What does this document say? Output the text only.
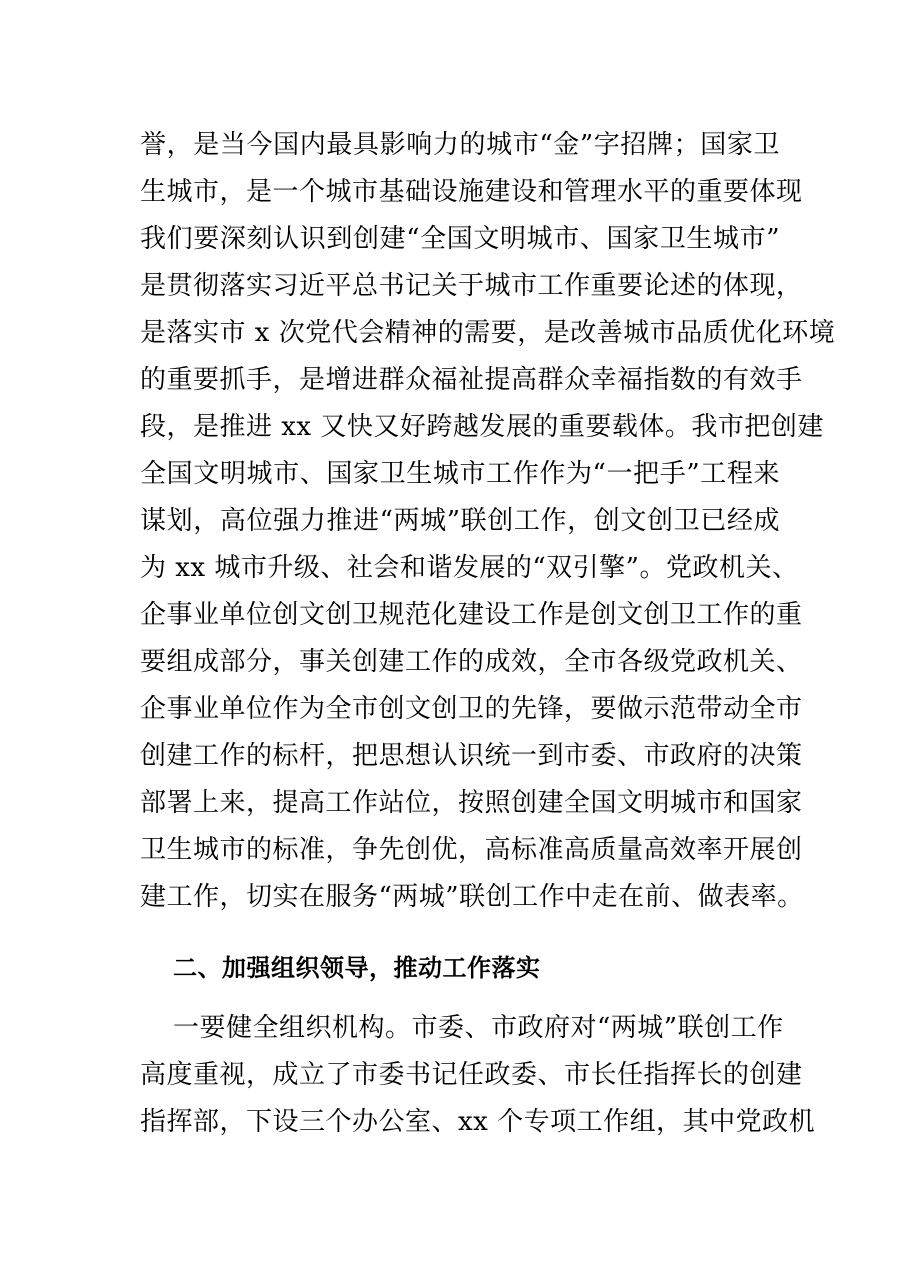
誉，是当今国内最具影响力的城市“金”字招牌；国家卫
生城市，是一个城市基础设施建设和管理水平的重要体现
我们要深刻认识到创建“全国文明城市、国家卫生城市”
是贯彻落实习近平总书记关于城市工作重要论述的体现，
是落实市 x 次党代会精神的需要，是改善城市品质优化环境
的重要抓手，是增进群众福祉提高群众幸福指数的有效手
段，是推进 xx 又快又好跨越发展的重要载体。我市把创建
全国文明城市、国家卫生城市工作作为“一把手”工程来
谋划，高位强力推进“两城”联创工作，创文创卫已经成
为 xx 城市升级、社会和谐发展的“双引擎”。党政机关、
企事业单位创文创卫规范化建设工作是创文创卫工作的重
要组成部分，事关创建工作的成效，全市各级党政机关、
企事业单位作为全市创文创卫的先锋，要做示范带动全市
创建工作的标杆，把思想认识统一到市委、市政府的决策
部署上来，提高工作站位，按照创建全国文明城市和国家
卫生城市的标准，争先创优，高标准高质量高效率开展创
建工作，切实在服务“两城”联创工作中走在前、做表率。
二、加强组织领导，推动工作落实
一要健全组织机构。市委、市政府对“两城”联创工作
高度重视，成立了市委书记任政委、市长任指挥长的创建
指挥部，下设三个办公室、xx 个专项工作组，其中党政机
